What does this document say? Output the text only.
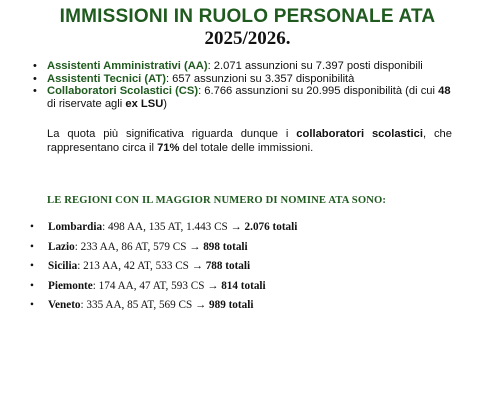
IMMISSIONI IN RUOLO PERSONALE ATA
2025/2026.
• Assistenti Amministrativi (AA): 2.071 assunzioni su 7.397 posti disponibili
• Assistenti Tecnici (AT): 657 assunzioni su 3.357 disponibilità
• Collaboratori Scolastici (CS): 6.766 assunzioni su 20.995 disponibilità (di cui 48 di riservate agli ex LSU)
La quota più significativa riguarda dunque i collaboratori scolastici, che rappresentano circa il 71% del totale delle immissioni.
LE REGIONI CON IL MAGGIOR NUMERO DI NOMINE ATA SONO:
• Lombardia: 498 AA, 135 AT, 1.443 CS → 2.076 totali
• Lazio: 233 AA, 86 AT, 579 CS → 898 totali
• Sicilia: 213 AA, 42 AT, 533 CS → 788 totali
• Piemonte: 174 AA, 47 AT, 593 CS → 814 totali
• Veneto: 335 AA, 85 AT, 569 CS → 989 totali
